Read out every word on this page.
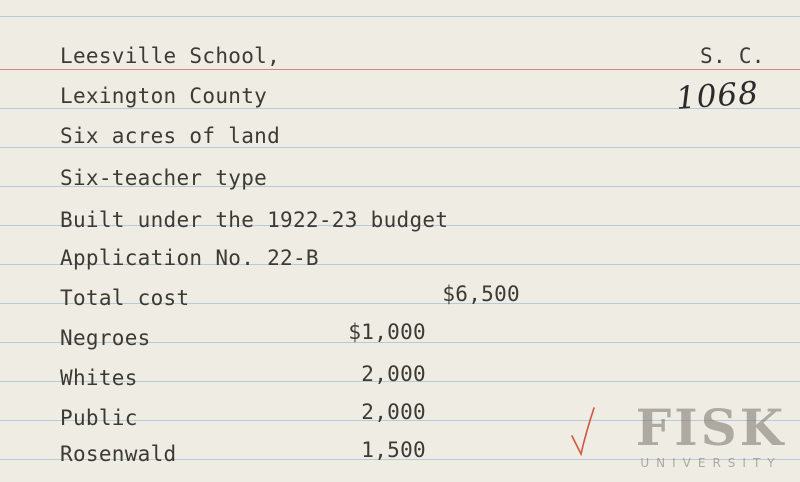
Leesville School,	S. C.
Lexington County	1068
Six acres of land
Six-teacher type
Built under the 1922-23 budget
Application No. 22-B
Total cost	$6,500
Negroes	$1,000
Whites	2,000
Public	2,000
Rosenwald	1,500	FISK
UNIVERSITY
